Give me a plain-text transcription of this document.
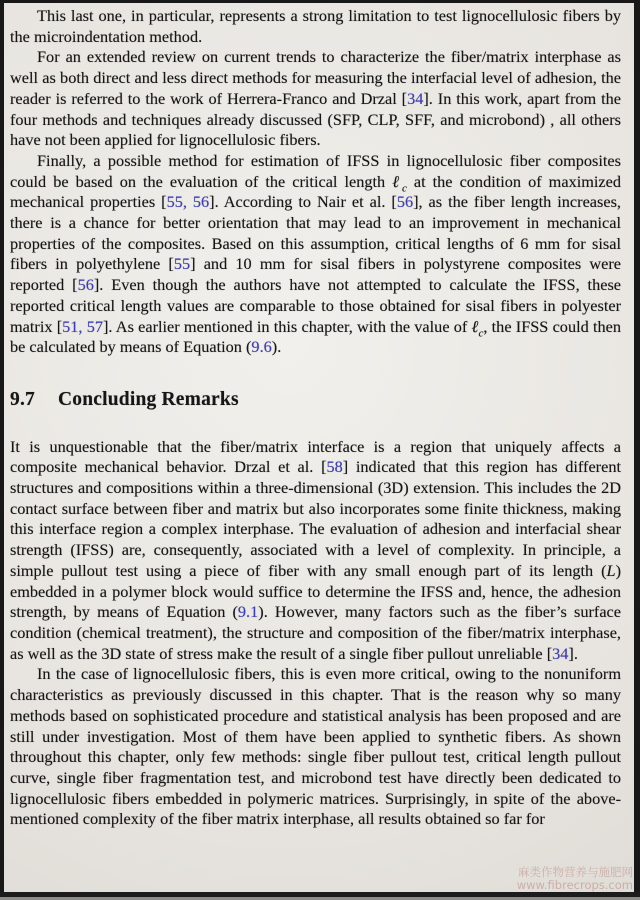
This last one, in particular, represents a strong limitation to test lignocellulosic fibers by the microindentation method.
For an extended review on current trends to characterize the fiber/matrix interphase as well as both direct and less direct methods for measuring the interfacial level of adhesion, the reader is referred to the work of Herrera-Franco and Drzal [34]. In this work, apart from the four methods and techniques already discussed (SFP, CLP, SFF, and microbond) , all others have not been applied for lignocellulosic fibers.
Finally, a possible method for estimation of IFSS in lignocellulosic fiber composites could be based on the evaluation of the critical length ℓ$_c$ at the condition of maximized mechanical properties [55, 56]. According to Nair et al. [56], as the fiber length increases, there is a chance for better orientation that may lead to an improvement in mechanical properties of the composites. Based on this assumption, critical lengths of 6 mm for sisal fibers in polyethylene [55] and 10 mm for sisal fibers in polystyrene composites were reported [56]. Even though the authors have not attempted to calculate the IFSS, these reported critical length values are comparable to those obtained for sisal fibers in polyester matrix [51, 57]. As earlier mentioned in this chapter, with the value of ℓ$_c$, the IFSS could then be calculated by means of Equation (9.6).
9.7 Concluding Remarks
It is unquestionable that the fiber/matrix interface is a region that uniquely affects a composite mechanical behavior. Drzal et al. [58] indicated that this region has different structures and compositions within a three-dimensional (3D) extension. This includes the 2D contact surface between fiber and matrix but also incorporates some finite thickness, making this interface region a complex interphase. The evaluation of adhesion and interfacial shear strength (IFSS) are, consequently, associated with a level of complexity. In principle, a simple pullout test using a piece of fiber with any small enough part of its length (L) embedded in a polymer block would suffice to determine the IFSS and, hence, the adhesion strength, by means of Equation (9.1). However, many factors such as the fiber’s surface condition (chemical treatment), the structure and composition of the fiber/matrix interphase, as well as the 3D state of stress make the result of a single fiber pullout unreliable [34].
In the case of lignocellulosic fibers, this is even more critical, owing to the nonuniform characteristics as previously discussed in this chapter. That is the reason why so many methods based on sophisticated procedure and statistical analysis has been proposed and are still under investigation. Most of them have been applied to synthetic fibers. As shown throughout this chapter, only few methods: single fiber pullout test, critical length pullout curve, single fiber fragmentation test, and microbond test have directly been dedicated to lignocellulosic fibers embedded in polymeric matrices. Surprisingly, in spite of the above-mentioned complexity of the fiber matrix interphase, all results obtained so far for
麻类作物营养与施肥网
www.fibrecrops.com
